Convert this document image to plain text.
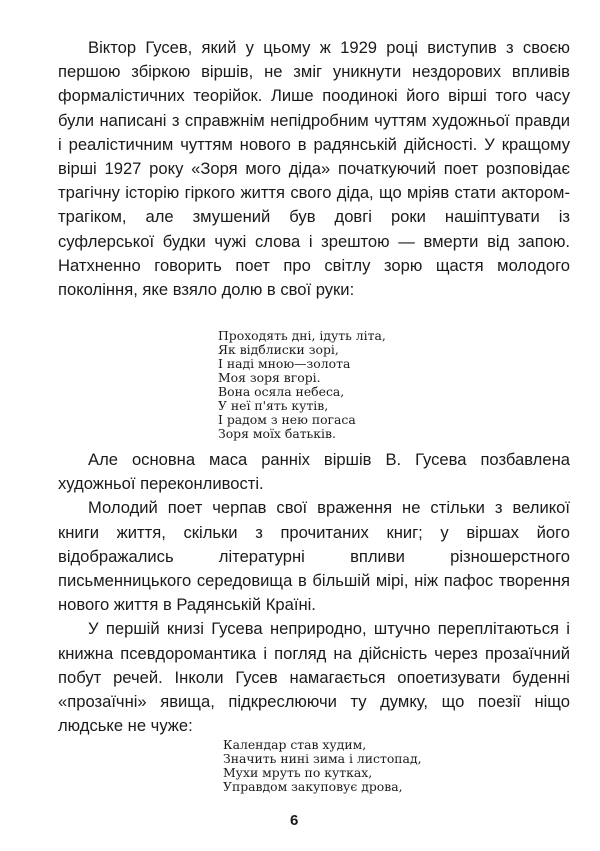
Віктор Гусев, який у цьому ж 1929 році виступив з своєю першою збіркою віршів, не зміг уникнути нездорових впливів формалістичних теорійок. Лише поодинокі його вірші того часу були написані з справжнім непідробним чуттям художньої правди і реалістичним чуттям нового в радянській дійсності. У кращому вірші 1927 року «Зоря мого діда» початкуючий поет розповідає трагічну історію гіркого життя свого діда, що мріяв стати актором-трагіком, але змушений був довгі роки нашіптувати із суфлерської будки чужі слова і зрештою — вмерти від запою. Натхненно говорить поет про світлу зорю щастя молодого покоління, яке взяло долю в свої руки:

Проходять дні, ідуть літа,
Як відблиски зорі,
І наді мною—золота
Моя зоря вгорі.
Вона осяла небеса,
У неї п'ять кутів,
І радом з нею погаса
Зоря моїх батьків.

Але основна маса ранніх віршів В. Гусева позбавлена художньої переконливості.

Молодий поет черпав свої враження не стільки з великої книги життя, скільки з прочитаних книг; у віршах його відображались літературні впливи різношерстного письменницького середовища в більшій мірі, ніж пафос творення нового життя в Радянській Країні.

У першій книзі Гусева неприродно, штучно переплітаються і книжна псевдоромантика і погляд на дійсність через прозаїчний побут речей. Інколи Гусев намагається опоетизувати буденні «прозаїчні» явища, підкреслюючи ту думку, що поезії ніщо людське не чуже:

Календар став худим,
Значить нині зима і листопад,
Мухи мруть по кутках,
Управдом закуповує дрова,
6
